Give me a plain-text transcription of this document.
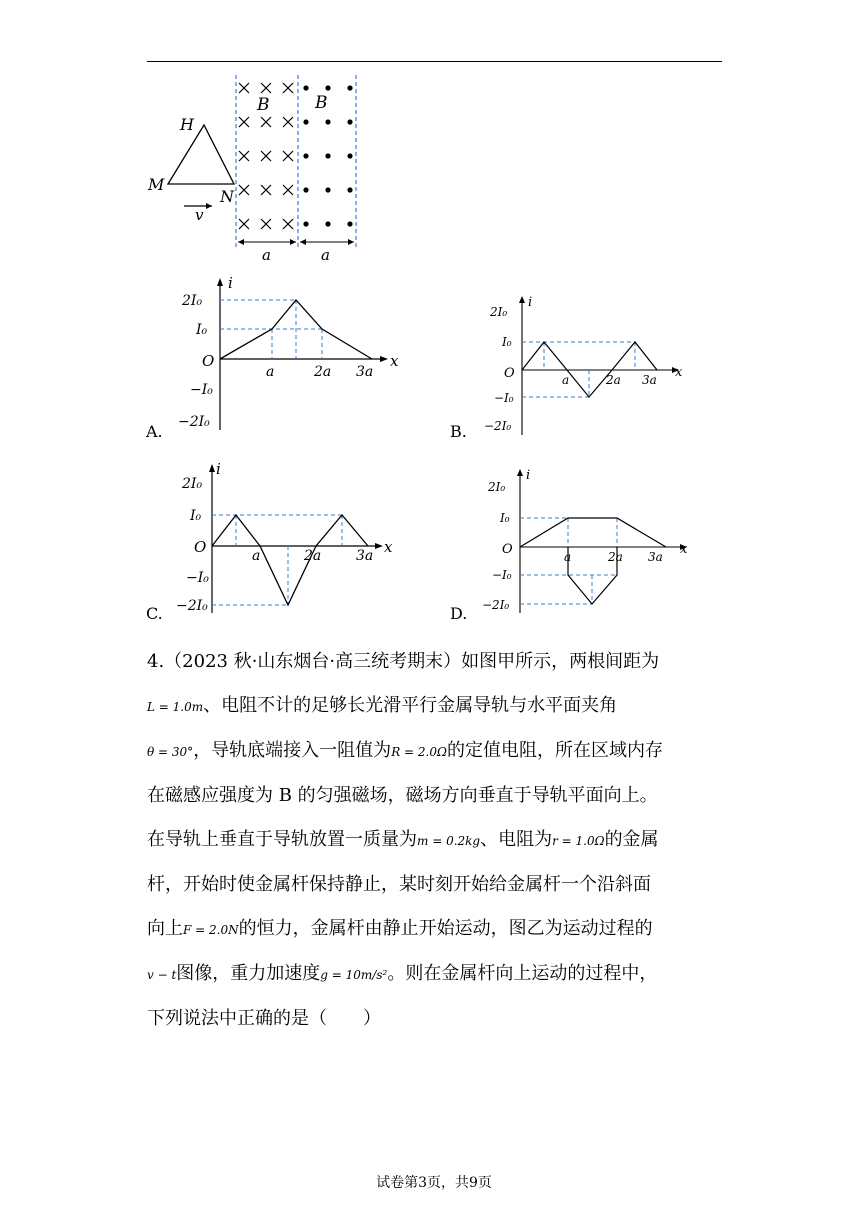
B	B
H
M
N
v
a	a
i
x
O
2I₀
I₀
−I₀
−2I₀
a	2a 3a
A.
i
x
O
2I₀
I₀
−I₀
−2I₀
a	2a 3a
B.
i
x
O
2I₀
I₀
−I₀
−2I₀
a	2a 3a
C.
i
x
O
2I₀
I₀
−I₀
−2I₀
a	2a 3a
D.

4.（2023 秋·山东烟台·高三统考期末）如图甲所示，两根间距为

L = 1.0m、电阻不计的足够长光滑平行金属导轨与水平面夹角

θ = 30°，导轨底端接入一阻值为R = 2.0Ω的定值电阻，所在区域内存

在磁感应强度为 B 的匀强磁场，磁场方向垂直于导轨平面向上。

在导轨上垂直于导轨放置一质量为m = 0.2kg、电阻为r = 1.0Ω的金属

杆，开始时使金属杆保持静止，某时刻开始给金属杆一个沿斜面

向上F = 2.0N的恒力，金属杆由静止开始运动，图乙为运动过程的

v − t图像，重力加速度g = 10m/s²。则在金属杆向上运动的过程中，

下列说法中正确的是（　　）

试卷第3页，共9页
